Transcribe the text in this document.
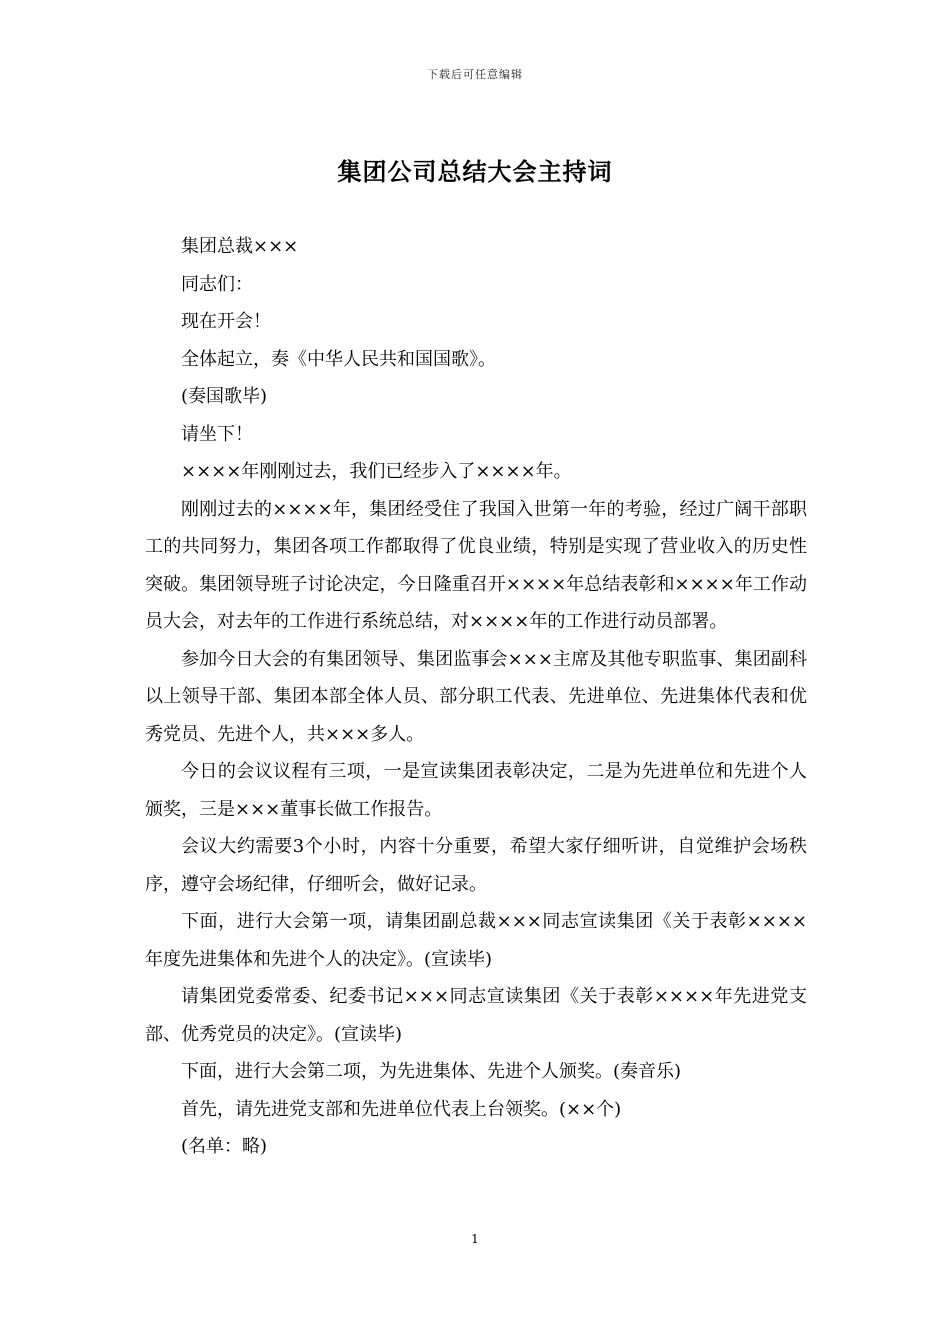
下载后可任意编辑
集团公司总结大会主持词

集团总裁×××

同志们：

现在开会！

全体起立，奏《中华人民共和国国歌》。

(奏国歌毕)

请坐下！

××××年刚刚过去，我们已经步入了××××年。

刚刚过去的××××年，集团经受住了我国入世第一年的考验，经过广阔干部职工的共同努力，集团各项工作都取得了优良业绩，特别是实现了营业收入的历史性突破。集团领导班子讨论决定，今日隆重召开××××年总结表彰和××××年工作动员大会，对去年的工作进行系统总结，对××××年的工作进行动员部署。

参加今日大会的有集团领导、集团监事会×××主席及其他专职监事、集团副科以上领导干部、集团本部全体人员、部分职工代表、先进单位、先进集体代表和优秀党员、先进个人，共×××多人。

今日的会议议程有三项，一是宣读集团表彰决定，二是为先进单位和先进个人颁奖，三是×××董事长做工作报告。

会议大约需要3个小时，内容十分重要，希望大家仔细听讲，自觉维护会场秩序，遵守会场纪律，仔细听会，做好记录。

下面，进行大会第一项，请集团副总裁×××同志宣读集团《关于表彰××××年度先进集体和先进个人的决定》。(宣读毕)

请集团党委常委、纪委书记×××同志宣读集团《关于表彰××××年先进党支部、优秀党员的决定》。(宣读毕)

下面，进行大会第二项，为先进集体、先进个人颁奖。(奏音乐)

首先，请先进党支部和先进单位代表上台领奖。(××个)

(名单：略)

1
